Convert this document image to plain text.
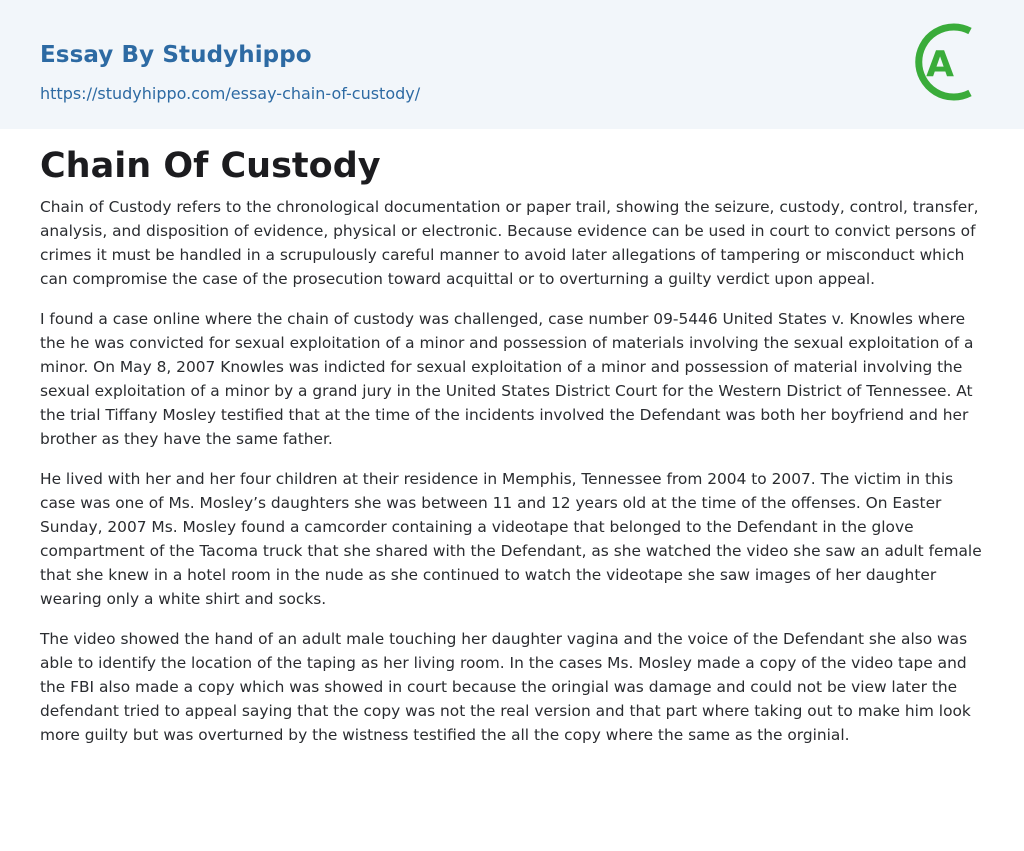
Essay By Studyhippo
https://studyhippo.com/essay-chain-of-custody/
A
Chain Of Custody

Chain of Custody refers to the chronological documentation or paper trail, showing the seizure, custody, control, transfer, analysis, and disposition of evidence, physical or electronic. Because evidence can be used in court to convict persons of crimes it must be handled in a scrupulously careful manner to avoid later allegations of tampering or misconduct which can compromise the case of the prosecution toward acquittal or to overturning a guilty verdict upon appeal.

I found a case online where the chain of custody was challenged, case number 09-5446 United States v. Knowles where the he was convicted for sexual exploitation of a minor and possession of materials involving the sexual exploitation of a minor. On May 8, 2007 Knowles was indicted for sexual exploitation of a minor and possession of material involving the sexual exploitation of a minor by a grand jury in the United States District Court for the Western District of Tennessee. At the trial Tiffany Mosley testified that at the time of the incidents involved the Defendant was both her boyfriend and her brother as they have the same father.

He lived with her and her four children at their residence in Memphis, Tennessee from 2004 to 2007. The victim in this case was one of Ms. Mosley’s daughters she was between 11 and 12 years old at the time of the offenses. On Easter Sunday, 2007 Ms. Mosley found a camcorder containing a videotape that belonged to the Defendant in the glove compartment of the Tacoma truck that she shared with the Defendant, as she watched the video she saw an adult female that she knew in a hotel room in the nude as she continued to watch the videotape she saw images of her daughter wearing only a white shirt and socks.

The video showed the hand of an adult male touching her daughter vagina and the voice of the Defendant she also was able to identify the location of the taping as her living room. In the cases Ms. Mosley made a copy of the video tape and the FBI also made a copy which was showed in court because the oringial was damage and could not be view later the defendant tried to appeal saying that the copy was not the real version and that part where taking out to make him look more guilty but was overturned by the wistness testified the all the copy where the same as the orginial.
